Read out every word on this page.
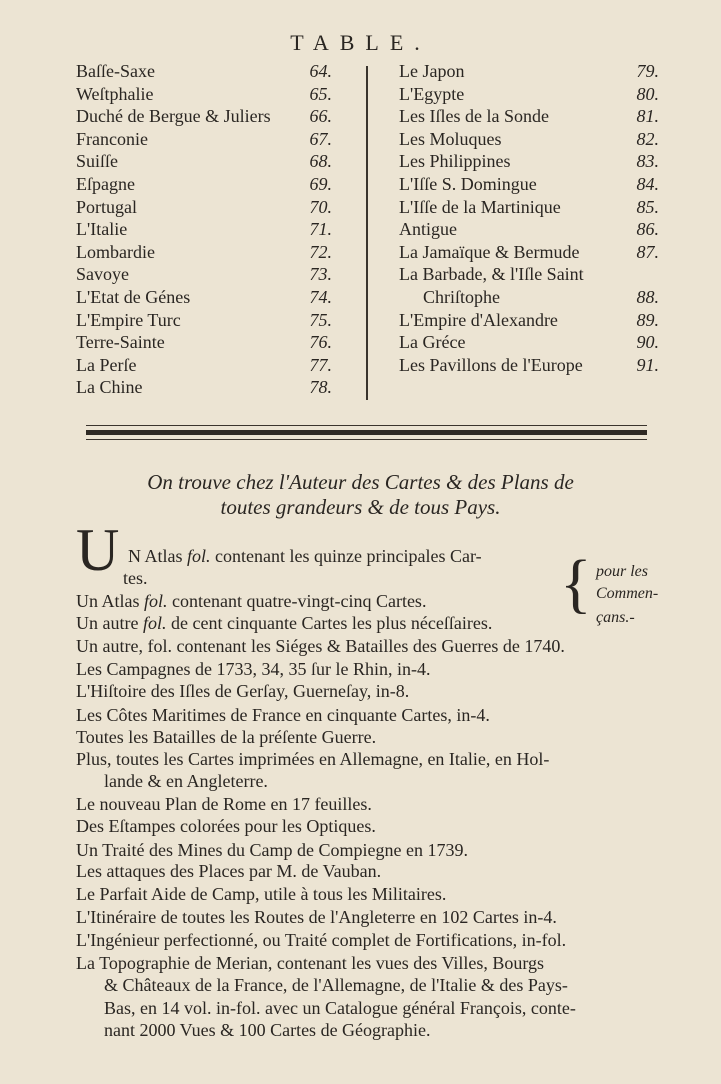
TABLE.
Baſſe-Saxe	64.
Weſtphalie	65.
Duché de Bergue & Juliers 66.
Franconie	67.
Suiſſe	68.
Eſpagne	69.
Portugal	70.
L'Italie	71.
Lombardie	72.
Savoye	73.
L'Etat de Génes	74.
L'Empire Turc	75.
Terre-Sainte	76.
La Perſe	77.
La Chine	78.
Le Japon	79.
L'Egypte	80.
Les Iſles de la Sonde	81.
Les Moluques	82.
Les Philippines	83.
L'Iſſe S. Domingue	84.
L'Iſſe de la Martinique	85.
Antigue	86.
La Jamaïque & Bermude	87.
La Barbade, & l'Iſle Saint
Chriſtophe	88.
L'Empire d'Alexandre	89.
La Gréce	90.
Les Pavillons de l'Europe	91.
On trouve chez l'Auteur des Cartes & des Plans de
toutes grandeurs & de tous Pays.
U N Atlas fol. contenant les quinze principales Car-
tes.
Un Atlas fol. contenant quatre-vingt-cinq Cartes.
Un autre fol. de cent cinquante Cartes les plus néceſſaires.
{ pour les
Commen-
çans.-
Un autre, fol. contenant les Siéges & Batailles des Guerres de 1740.
Les Campagnes de 1733, 34, 35 ſur le Rhin, in-4.
L'Hiſtoire des Iſles de Gerſay, Guerneſay, in-8.
Les Côtes Maritimes de France en cinquante Cartes, in-4.
Toutes les Batailles de la préſente Guerre.
Plus, toutes les Cartes imprimées en Allemagne, en Italie, en Hol-
lande & en Angleterre.
Le nouveau Plan de Rome en 17 feuilles.
Des Eſtampes colorées pour les Optiques.
Un Traité des Mines du Camp de Compiegne en 1739.
Les attaques des Places par M. de Vauban.
Le Parfait Aide de Camp, utile à tous les Militaires.
L'Itinéraire de toutes les Routes de l'Angleterre en 102 Cartes in-4.
L'Ingénieur perfectionné, ou Traité complet de Fortifications, in-fol.
La Topographie de Merian, contenant les vues des Villes, Bourgs
& Châteaux de la France, de l'Allemagne, de l'Italie & des Pays-
Bas, en 14 vol. in-fol. avec un Catalogue général François, conte-
nant 2000 Vues & 100 Cartes de Géographie.
